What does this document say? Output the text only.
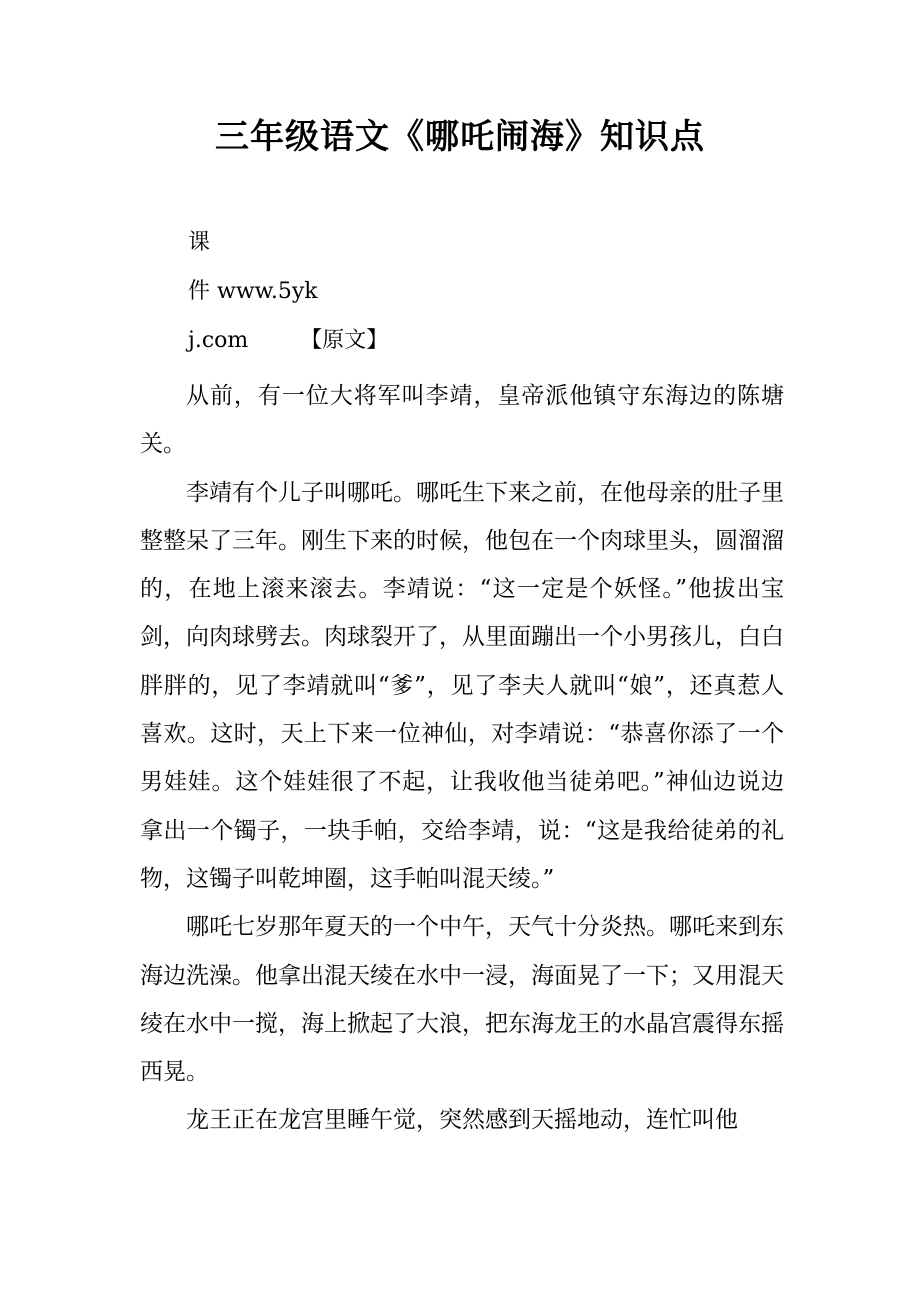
三年级语文《哪吒闹海》知识点
课
件 www.5yk
j.com 【原文】

从前，有一位大将军叫李靖，皇帝派他镇守东海边的陈塘关。

李靖有个儿子叫哪吒。哪吒生下来之前，在他母亲的肚子里整整呆了三年。刚生下来的时候，他包在一个肉球里头，圆溜溜的，在地上滚来滚去。李靖说：“这一定是个妖怪。”他拔出宝剑，向肉球劈去。肉球裂开了，从里面蹦出一个小男孩儿，白白胖胖的，见了李靖就叫“爹”，见了李夫人就叫“娘”，还真惹人喜欢。这时，天上下来一位神仙，对李靖说：“恭喜你添了一个男娃娃。这个娃娃很了不起，让我收他当徒弟吧。”神仙边说边拿出一个镯子，一块手帕，交给李靖，说：“这是我给徒弟的礼物，这镯子叫乾坤圈，这手帕叫混天绫。”

哪吒七岁那年夏天的一个中午，天气十分炎热。哪吒来到东海边洗澡。他拿出混天绫在水中一浸，海面晃了一下；又用混天绫在水中一搅，海上掀起了大浪，把东海龙王的水晶宫震得东摇西晃。

龙王正在龙宫里睡午觉，突然感到天摇地动，连忙叫他
